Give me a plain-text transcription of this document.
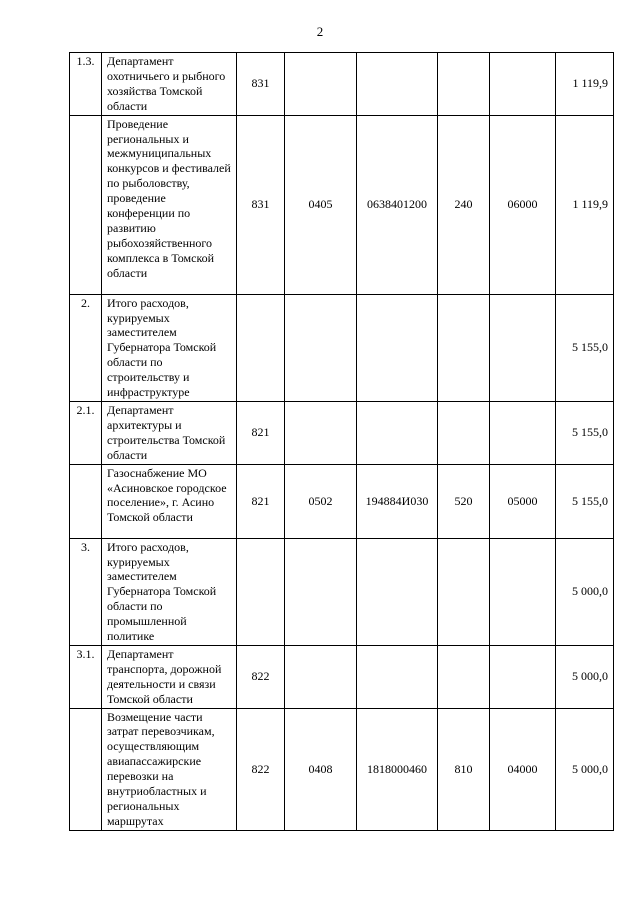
2
1.3.	Департамент охотничьего и рыбного хозяйства Томской области	831					1 119,9
	Проведение региональных и межмуниципальных конкурсов и фестивалей по рыболовству, проведение конференции по развитию рыбохозяйственного комплекса в Томской области	831	0405	0638401200	240	06000	1 119,9
2.	Итого расходов, курируемых заместителем Губернатора Томской области по строительству и инфраструктуре						5 155,0
2.1.	Департамент архитектуры и строительства Томской области	821					5 155,0
	Газоснабжение МО «Асиновское городское поселение», г. Асино Томской области	821	0502	194884И030	520	05000	5 155,0
3.	Итого расходов, курируемых заместителем Губернатора Томской области по промышленной политике						5 000,0
3.1.	Департамент транспорта, дорожной деятельности и связи Томской области	822					5 000,0
	Возмещение части затрат перевозчикам, осуществляющим авиапассажирские перевозки на внутриобластных и региональных маршрутах	822	0408	1818000460	810	04000	5 000,0
